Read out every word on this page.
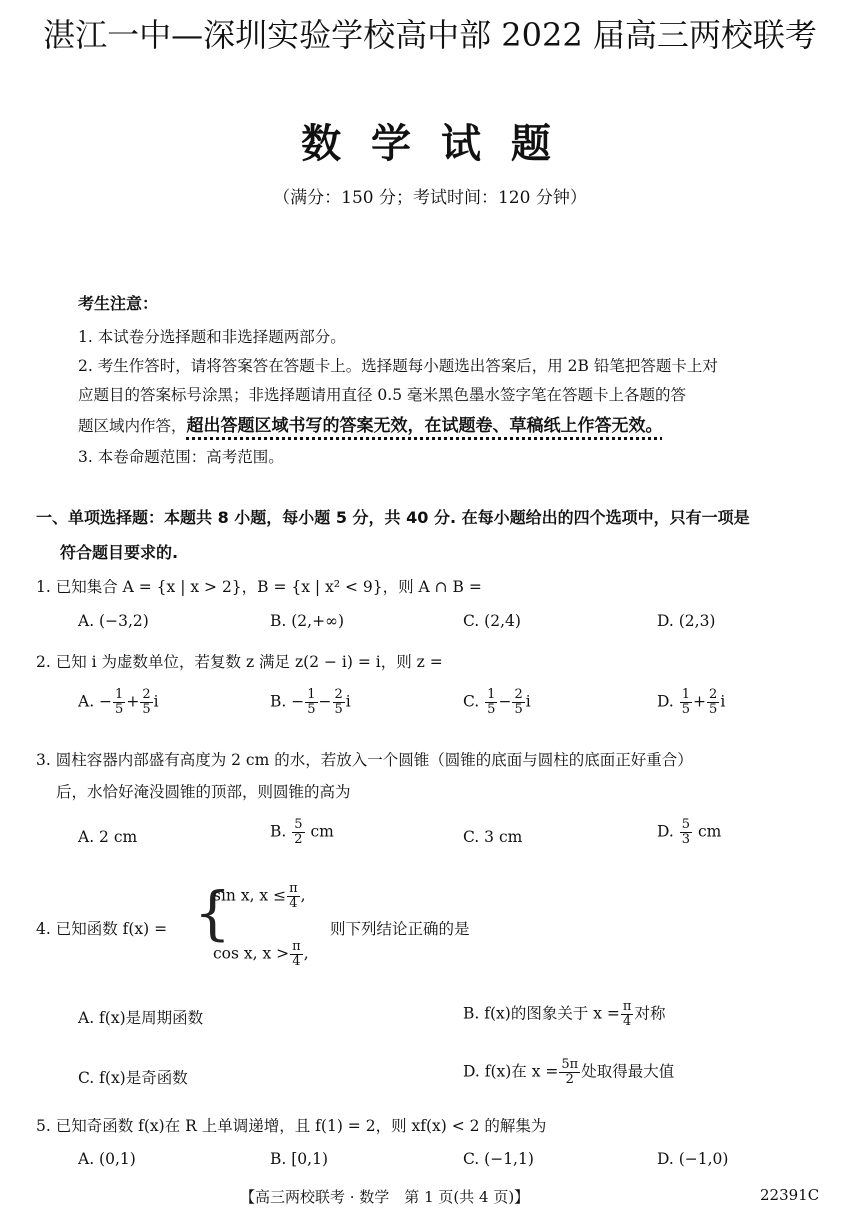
湛江一中—深圳实验学校高中部 2022 届高三两校联考
数 学 试 题
（满分：150 分；考试时间：120 分钟）
考生注意：
1. 本试卷分选择题和非选择题两部分。
2. 考生作答时，请将答案答在答题卡上。选择题每小题选出答案后，用 2B 铅笔把答题卡上对
应题目的答案标号涂黑；非选择题请用直径 0.5 毫米黑色墨水签字笔在答题卡上各题的答
题区域内作答，超出答题区域书写的答案无效，在试题卷、草稿纸上作答无效。
3. 本卷命题范围：高考范围。
一、单项选择题：本题共 8 小题，每小题 5 分，共 40 分. 在每小题给出的四个选项中，只有一项是
符合题目要求的.
1. 已知集合 A = {x | x > 2}，B = {x | x² < 9}，则 A ∩ B =
A. (−3,2)	B. (2,+∞)	C. (2,4)	D. (2,3)
2. 已知 i 为虚数单位，若复数 z 满足 z(2 − i) = i，则 z =
A. − $\frac{1}{5} + \frac{2}{5}$ i	B. − $\frac{1}{5} - \frac{2}{5}$ i	C. $\frac{1}{5} - \frac{2}{5}$ i	D. $\frac{1}{5} + \frac{2}{5}$ i
3. 圆柱容器内部盛有高度为 2 cm 的水，若放入一个圆锥（圆锥的底面与圆柱的底面正好重合）
后，水恰好淹没圆锥的顶部，则圆锥的高为
A. 2 cm	B. $\frac{5}{2}$ cm	C. 3 cm	D. $\frac{5}{3}$ cm
4. 已知函数 f(x) = {
sin x, $x \le \frac{\pi}{4}$ ,
cos x, $x > \frac{\pi}{4}$ ,
则下列结论正确的是
A. f(x)是周期函数	B. f(x)的图象关于 $x = \frac{\pi}{4}$ 对称
C. f(x)是奇函数	D. f(x)在 $x = \frac{5\pi}{2}$ 处取得最大值
5. 已知奇函数 f(x)在 R 上单调递增，且 f(1) = 2，则 xf(x) < 2 的解集为
A. (0,1)	B. [0,1)	C. (−1,1)	D. (−1,0)
【高三两校联考 · 数学　第 1 页(共 4 页)】	22391C
